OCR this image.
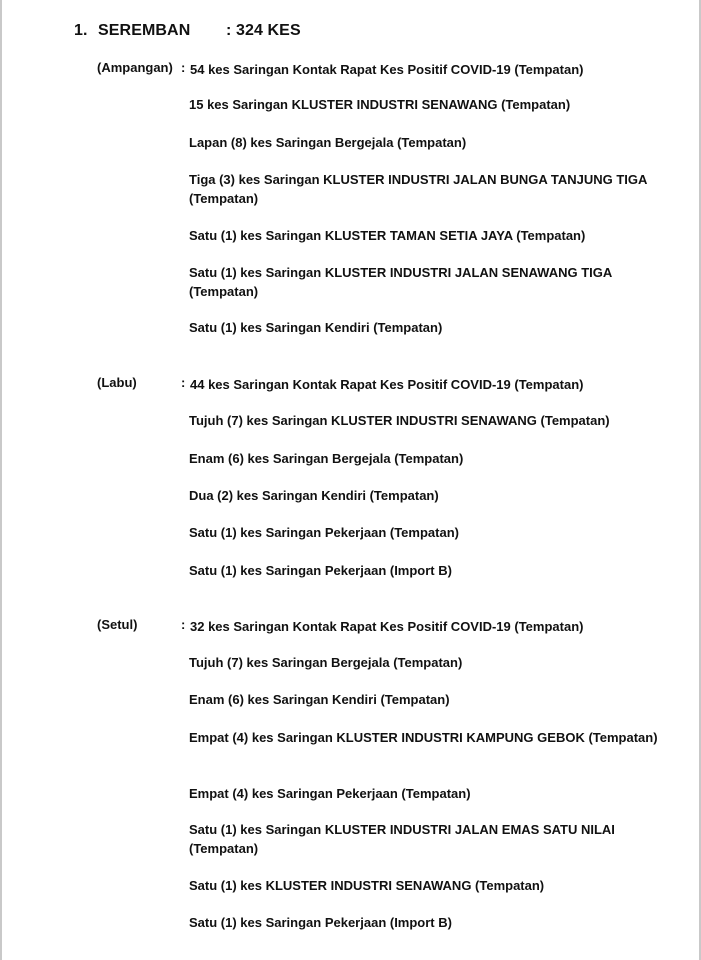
1. SEREMBAN : 324 KES
(Ampangan) : 54 kes Saringan Kontak Rapat Kes Positif COVID-19 (Tempatan)
15 kes Saringan KLUSTER INDUSTRI SENAWANG (Tempatan)
Lapan (8) kes Saringan Bergejala (Tempatan)
Tiga (3) kes Saringan KLUSTER INDUSTRI JALAN BUNGA TANJUNG TIGA (Tempatan)
Satu (1) kes Saringan KLUSTER TAMAN SETIA JAYA (Tempatan)
Satu (1) kes Saringan KLUSTER INDUSTRI JALAN SENAWANG TIGA (Tempatan)
Satu (1) kes Saringan Kendiri (Tempatan)
(Labu)	: 44 kes Saringan Kontak Rapat Kes Positif COVID-19 (Tempatan)
Tujuh (7) kes Saringan KLUSTER INDUSTRI SENAWANG (Tempatan)
Enam (6) kes Saringan Bergejala (Tempatan)
Dua (2) kes Saringan Kendiri (Tempatan)
Satu (1) kes Saringan Pekerjaan (Tempatan)
Satu (1) kes Saringan Pekerjaan (Import B)
(Setul)	: 32 kes Saringan Kontak Rapat Kes Positif COVID-19 (Tempatan)
Tujuh (7) kes Saringan Bergejala (Tempatan)
Enam (6) kes Saringan Kendiri (Tempatan)
Empat (4) kes Saringan KLUSTER INDUSTRI KAMPUNG GEBOK (Tempatan)
Empat (4) kes Saringan Pekerjaan (Tempatan)
Satu (1) kes Saringan KLUSTER INDUSTRI JALAN EMAS SATU NILAI (Tempatan)
Satu (1) kes KLUSTER INDUSTRI SENAWANG (Tempatan)
Satu (1) kes Saringan Pekerjaan (Import B)
